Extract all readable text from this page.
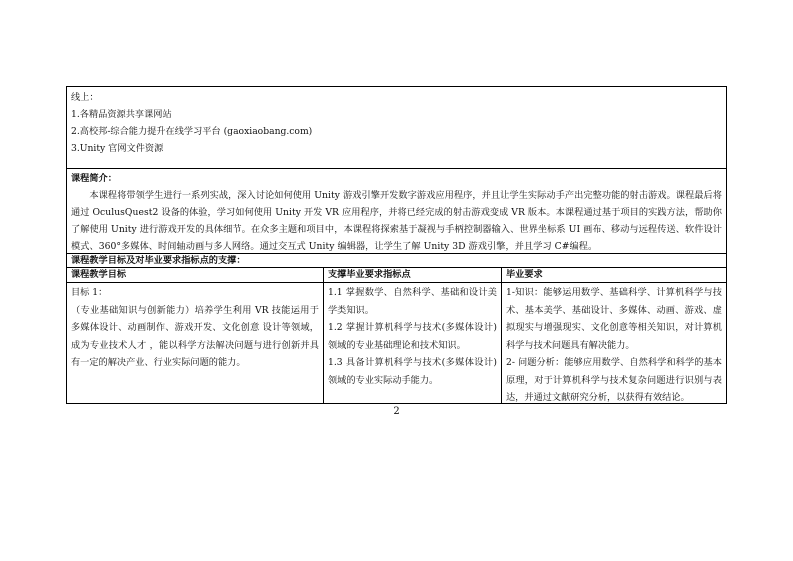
线上：
1.各精品资源共享课网站
2.高校邦-综合能力提升在线学习平台 (gaoxiaobang.com)
3.Unity 官网文件资源
课程简介：
本课程将带领学生进行一系列实战，深入讨论如何使用 Unity 游戏引擎开发数字游戏应用程序，并且让学生实际动手产出完整功能的射击游戏。课程最后将通过 OculusQuest2 设备的体验，学习如何使用 Unity 开发 VR 应用程序，并将已经完成的射击游戏变成 VR 版本。本课程通过基于项目的实践方法，帮助你了解使用 Unity 进行游戏开发的具体细节。在众多主题和项目中，本课程将探索基于凝视与手柄控制器输入、世界坐标系 UI 画布、移动与远程传送、软件设计模式、360°多媒体、时间轴动画与多人网络。通过交互式 Unity 编辑器，让学生了解 Unity 3D 游戏引擎，并且学习 C#编程。
课程教学目标及对毕业要求指标点的支撑：
课程教学目标	支撑毕业要求指标点	毕业要求
目标 1：
（专业基础知识与创新能力）培养学生利用 VR 技能运用于多媒体设计、动画制作、游戏开发、文化创意 设计等领域，成为专业技术人才 ，能以科学方法解决问题与进行创新并具有一定的解决产业、行业实际问题的能力。
1.1 掌握数学、自然科学、基础和设计美学类知识。
1.2 掌握计算机科学与技术(多媒体设计)领域的专业基础理论和技术知识。
1.3 具备计算机科学与技术(多媒体设计)领域的专业实际动手能力。
1-知识：能够运用数学、基础科学、计算机科学与技术、基本美学、基础设计、多媒体、动画、游戏、虚拟现实与增强现实、文化创意等相关知识，对计算机科学与技术问题具有解决能力。
2- 问题分析：能够应用数学、自然科学和科学的基本原理，对于计算机科学与技术复杂问题进行识别与表达，并通过文献研究分析，以获得有效结论。
2
